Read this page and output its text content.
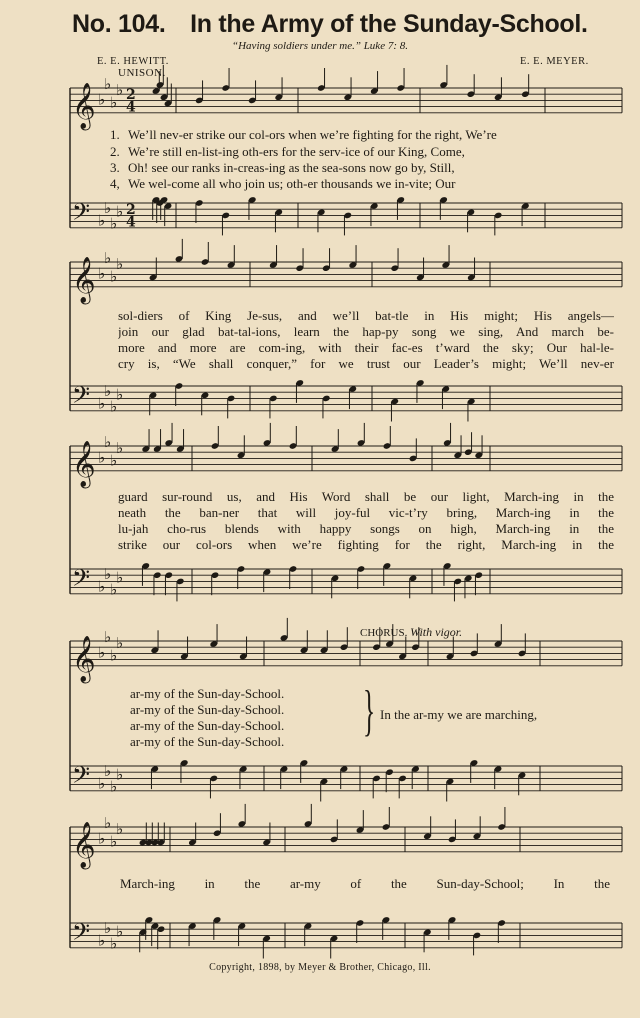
𝄞 ♭
♭
♭
♭ 2
4
𝄢 ♭
♭
♭
♭ 2
4
𝄞 ♭
♭
♭
♭
𝄢 ♭
♭
♭
♭
𝄞 ♭
♭
♭
♭
𝄢 ♭
♭
♭
♭
𝄞 ♭
♭
♭
♭
𝄢 ♭
♭
♭
♭
𝄞 ♭
♭
♭
♭
𝄢 ♭
♭
♭
♭
No. 104. In the Army of the Sunday-School.
“Having soldiers under me.” Luke 7: 8.
E. E. HEWITT.	E. E. MEYER.
UNISON.
1. We’ll nev-er strike our col-ors when we’re fighting for the right, We’re
2. We’re still en-list-ing oth-ers for the serv-ice of our King, Come,
3. Oh! see our ranks in-creas-ing as the sea-sons now go by, Still,
4, We wel-come all who join us; oth-er thousands we in-vite; Our
sol-diers of King Je-sus, and we’ll bat-tle in His might; His angels—
join our glad bat-tal-ions, learn the hap-py song we sing, And march be-
more and more are com-ing, with their fac-es t’ward the sky; Our hal-le-
cry is, “We shall conquer,” for we trust our Leader’s might; We’ll nev-er
guard sur-round us, and His Word shall be our light, March-ing in the
neath the ban-ner that will joy-ful vic-t’ry bring, March-ing in the
lu-jah cho-rus blends with happy songs on high, March-ing in the
strike our col-ors when we’re fighting for the right, March-ing in the
CHORUS. With vigor.
ar-my of the Sun-day-School.
ar-my of the Sun-day-School.
ar-my of the Sun-day-School.
ar-my of the Sun-day-School.	} In the ar-my we are marching,
March-ing in the ar-my of the Sun-day-School; In the
Copyright, 1898, by Meyer & Brother, Chicago, Ill.
